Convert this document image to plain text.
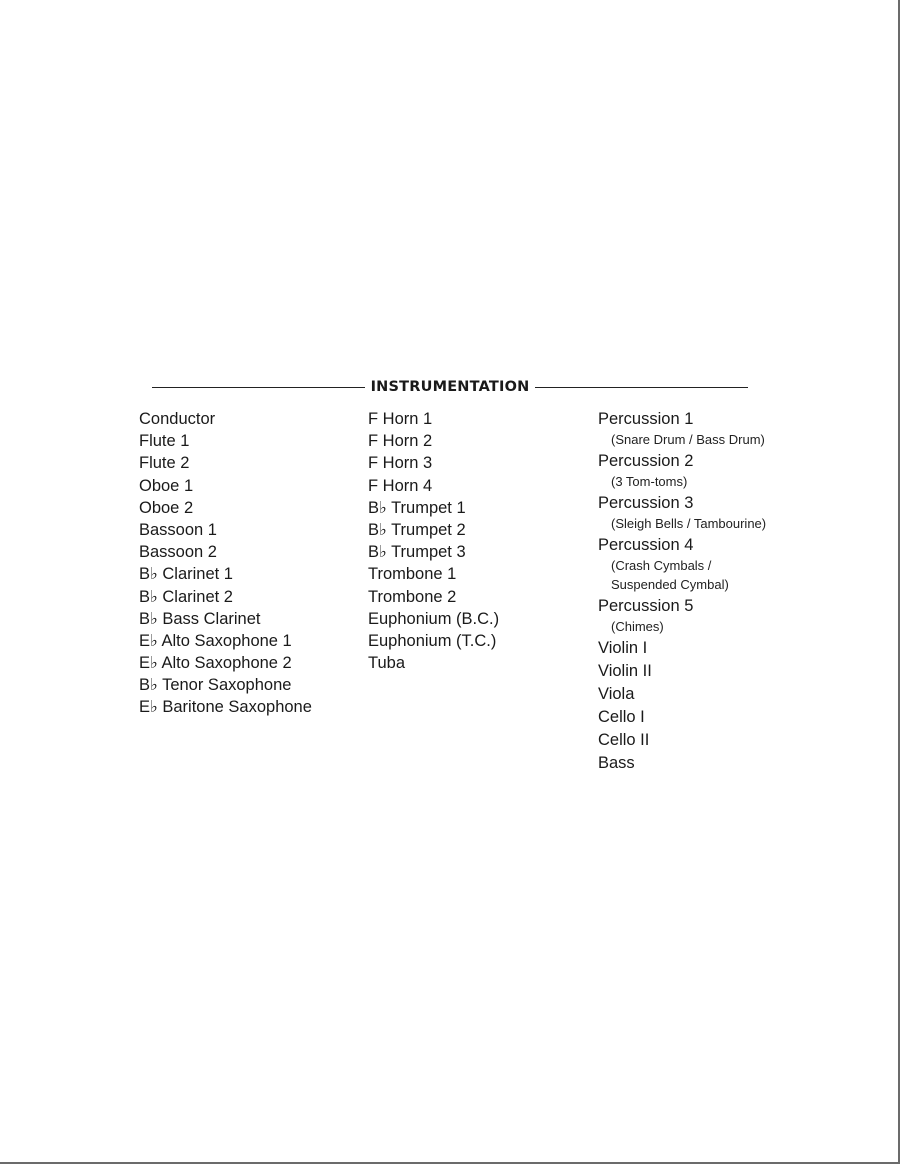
INSTRUMENTATION
Conductor
Flute 1
Flute 2
Oboe 1
Oboe 2
Bassoon 1
Bassoon 2
B♭ Clarinet 1
B♭ Clarinet 2
B♭ Bass Clarinet
E♭ Alto Saxophone 1
E♭ Alto Saxophone 2
B♭ Tenor Saxophone
E♭ Baritone Saxophone
F Horn 1
F Horn 2
F Horn 3
F Horn 4
B♭ Trumpet 1
B♭ Trumpet 2
B♭ Trumpet 3
Trombone 1
Trombone 2
Euphonium (B.C.)
Euphonium (T.C.)
Tuba
Percussion 1
(Snare Drum / Bass Drum)
Percussion 2
(3 Tom-toms)
Percussion 3
(Sleigh Bells / Tambourine)
Percussion 4
(Crash Cymbals /
Suspended Cymbal)
Percussion 5
(Chimes)
Violin I
Violin II
Viola
Cello I
Cello II
Bass
